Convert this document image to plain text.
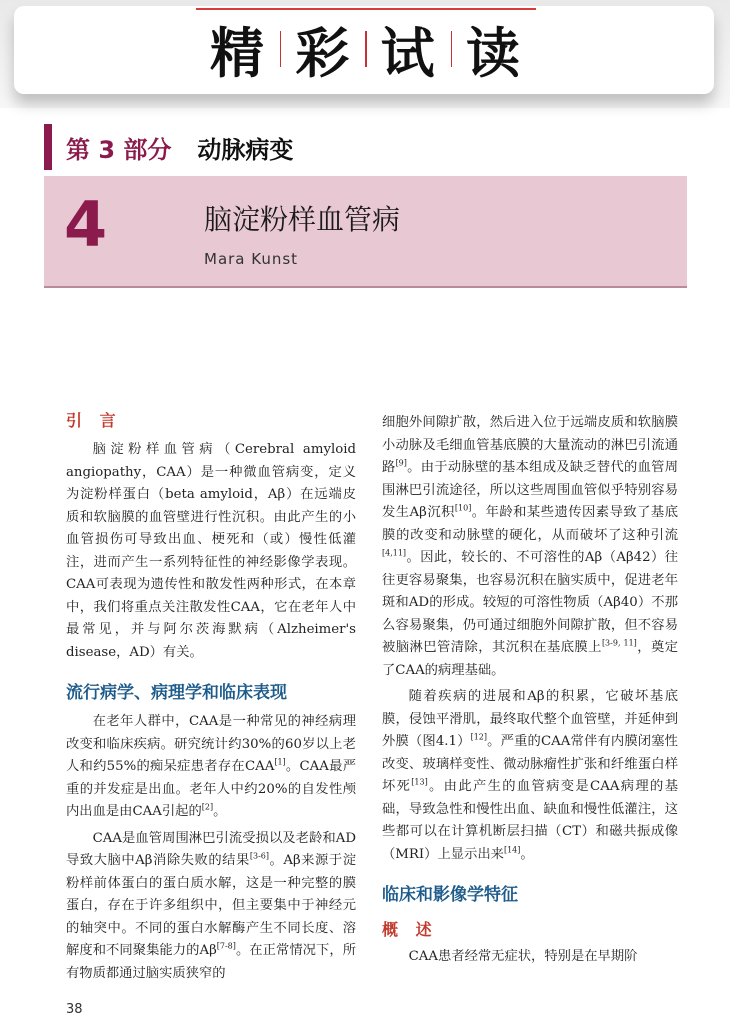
精 彩 试 读
第 3 部分 动脉病变
4	脑淀粉样血管病
Mara Kunst
引 言

脑淀粉样血管病（Cerebral amyloid angiopathy，CAA）是一种微血管病变，定义为淀粉样蛋白（beta amyloid，Aβ）在远端皮质和软脑膜的血管壁进行性沉积。由此产生的小血管损伤可导致出血、梗死和（或）慢性低灌注，进而产生一系列特征性的神经影像学表现。CAA可表现为遗传性和散发性两种形式，在本章中，我们将重点关注散发性CAA，它在老年人中最常见，并与阿尔茨海默病（Alzheimer's disease，AD）有关。

流行病学、病理学和临床表现

在老年人群中，CAA是一种常见的神经病理改变和临床疾病。研究统计约30%的60岁以上老人和约55%的痴呆症患者存在CAA[1]。CAA最严重的并发症是出血。老年人中约20%的自发性颅内出血是由CAA引起的[2]。

CAA是血管周围淋巴引流受损以及老龄和AD导致大脑中Aβ消除失败的结果[3-6]。Aβ来源于淀粉样前体蛋白的蛋白质水解，这是一种完整的膜蛋白，存在于许多组织中，但主要集中于神经元的轴突中。不同的蛋白水解酶产生不同长度、溶解度和不同聚集能力的Aβ[7-8]。在正常情况下，所有物质都通过脑实质狭窄的

细胞外间隙扩散，然后进入位于远端皮质和软脑膜小动脉及毛细血管基底膜的大量流动的淋巴引流通路[9]。由于动脉壁的基本组成及缺乏替代的血管周围淋巴引流途径，所以这些周围血管似乎特别容易发生Aβ沉积[10]。年龄和某些遗传因素导致了基底膜的改变和动脉壁的硬化，从而破坏了这种引流[4,11]。因此，较长的、不可溶性的Aβ（Aβ42）往往更容易聚集，也容易沉积在脑实质中，促进老年斑和AD的形成。较短的可溶性物质（Aβ40）不那么容易聚集，仍可通过细胞外间隙扩散，但不容易被脑淋巴管清除，其沉积在基底膜上[3-9, 11]，奠定了CAA的病理基础。

随着疾病的进展和Aβ的积累，它破坏基底膜，侵蚀平滑肌，最终取代整个血管壁，并延伸到外膜（图4.1）[12]。严重的CAA常伴有内膜闭塞性改变、玻璃样变性、微动脉瘤性扩张和纤维蛋白样坏死[13]。由此产生的血管病变是CAA病理的基础，导致急性和慢性出血、缺血和慢性低灌注，这些都可以在计算机断层扫描（CT）和磁共振成像（MRI）上显示出来[14]。

临床和影像学特征
概 述

CAA患者经常无症状，特别是在早期阶

38
